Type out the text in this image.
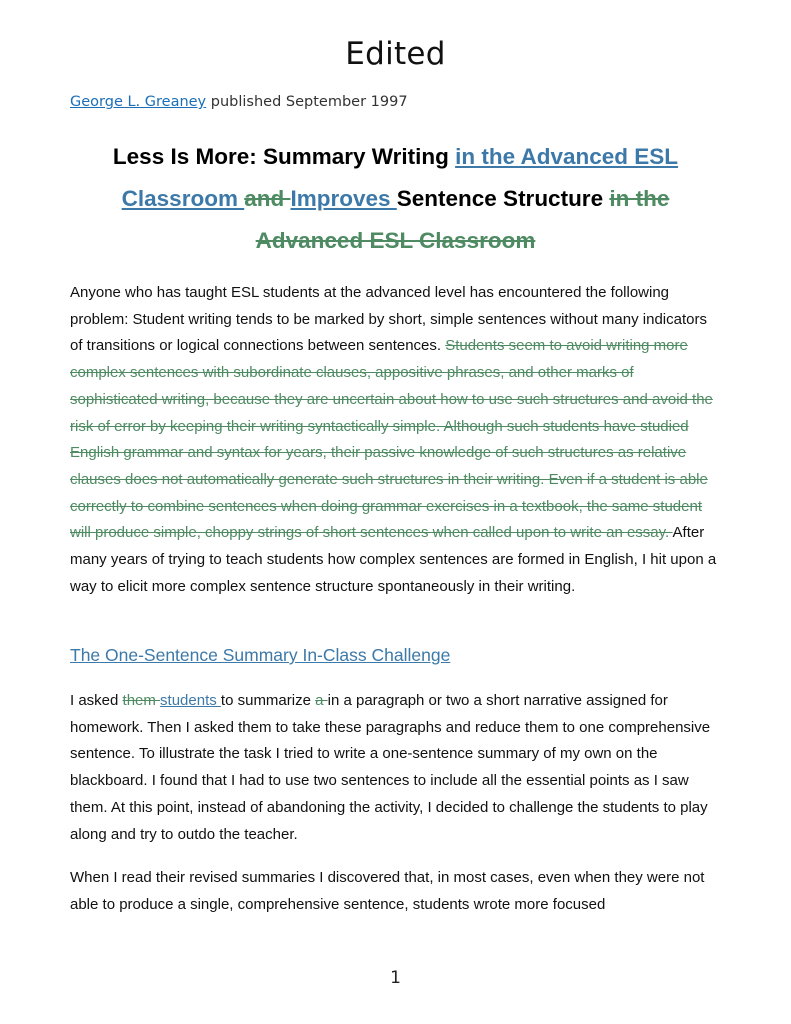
Edited
George L. Greaney published September 1997
Less Is More: Summary Writing in the Advanced ESL Classroom and Improves Sentence Structure in the Advanced ESL Classroom
Anyone who has taught ESL students at the advanced level has encountered the following problem: Student writing tends to be marked by short, simple sentences without many indicators of transitions or logical connections between sentences. Students seem to avoid writing more complex sentences with subordinate clauses, appositive phrases, and other marks of sophisticated writing, because they are uncertain about how to use such structures and avoid the risk of error by keeping their writing syntactically simple. Although such students have studied English grammar and syntax for years, their passive knowledge of such structures as relative clauses does not automatically generate such structures in their writing. Even if a student is able correctly to combine sentences when doing grammar exercises in a textbook, the same student will produce simple, choppy strings of short sentences when called upon to write an essay. After many years of trying to teach students how complex sentences are formed in English, I hit upon a way to elicit more complex sentence structure spontaneously in their writing.
The One-Sentence Summary In-Class Challenge
I asked them students to summarize a in a paragraph or two a short narrative assigned for homework. Then I asked them to take these paragraphs and reduce them to one comprehensive sentence. To illustrate the task I tried to write a one-sentence summary of my own on the blackboard. I found that I had to use two sentences to include all the essential points as I saw them. At this point, instead of abandoning the activity, I decided to challenge the students to play along and try to outdo the teacher.
When I read their revised summaries I discovered that, in most cases, even when they were not able to produce a single, comprehensive sentence, students wrote more focused
1
